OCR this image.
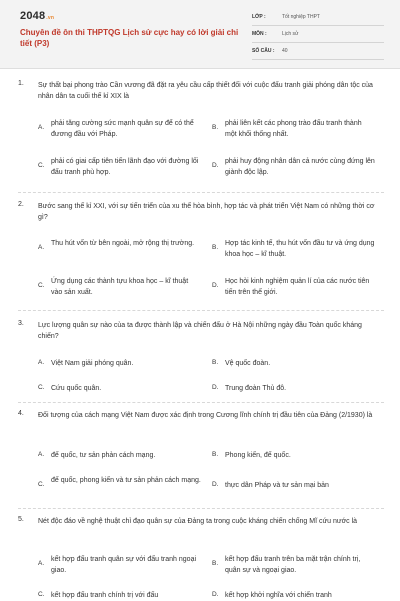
2048.vn
Chuyên đề ôn thi THPTQG Lịch sử cực hay có lời giải chi tiết (P3)
LỚP :	Tốt nghiệp THPT
MÔN :	Lịch sử
SỐ CÂU :	40
1. Sự thất bại phong trào Cần vương đã đặt ra yêu cầu cấp thiết đối với cuộc đấu tranh giải phóng dân tộc của nhân dân ta cuối thế kỉ XIX là
A.
phải tăng cường sức mạnh quân sự để có thể đương đầu với Pháp.
B.
phải liên kết các phong trào đấu tranh thành một khối thống nhất.
C.
phải có giai cấp tiên tiến lãnh đạo với đường lối đấu tranh phù hợp.
D.
phải huy động nhân dân cả nước cùng đứng lên giành độc lập.
2. Bước sang thế kỉ XXI, với sự tiến triển của xu thế hòa bình, hợp tác và phát triển Việt Nam có những thời cơ gì?
A.
Thu hút vốn từ bên ngoài, mở rộng thị trường.
B.
Hợp tác kinh tế, thu hút vốn đầu tư và ứng dụng khoa học – kĩ thuật.
C.
Ứng dụng các thành tựu khoa học – kĩ thuật vào sản xuất.
D.
Học hỏi kinh nghiệm quản lí của các nước tiên tiến trên thế giới.
3. Lực lượng quân sự nào của ta được thành lập và chiến đấu ở Hà Nội những ngày đầu Toàn quốc kháng chiến?
A. Việt Nam giải phóng quân.	B. Vệ quốc đoàn.
C. Cứu quốc quân.	D. Trung đoàn Thủ đô.
4. Đối tượng của cách mạng Việt Nam được xác định trong Cương lĩnh chính trị đầu tiên của Đảng (2/1930) là
A. đế quốc, tư sản phản cách mạng.	B. Phong kiến, đế quốc.
C.
đế quốc, phong kiến và tư sản phản cách mạng.
D. thực dân Pháp và tư sản mại bản
5. Nét độc đáo về nghệ thuật chỉ đạo quân sự của Đảng ta trong cuộc kháng chiến chống Mĩ cứu nước là
A.
kết hợp đấu tranh quân sự với đấu tranh ngoại giao.
B.
kết hợp đấu tranh trên ba mặt trận chính trị, quân sự và ngoại giao.
C. kết hợp đấu tranh chính trị với đấu	D. kết hợp khởi nghĩa với chiến tranh
